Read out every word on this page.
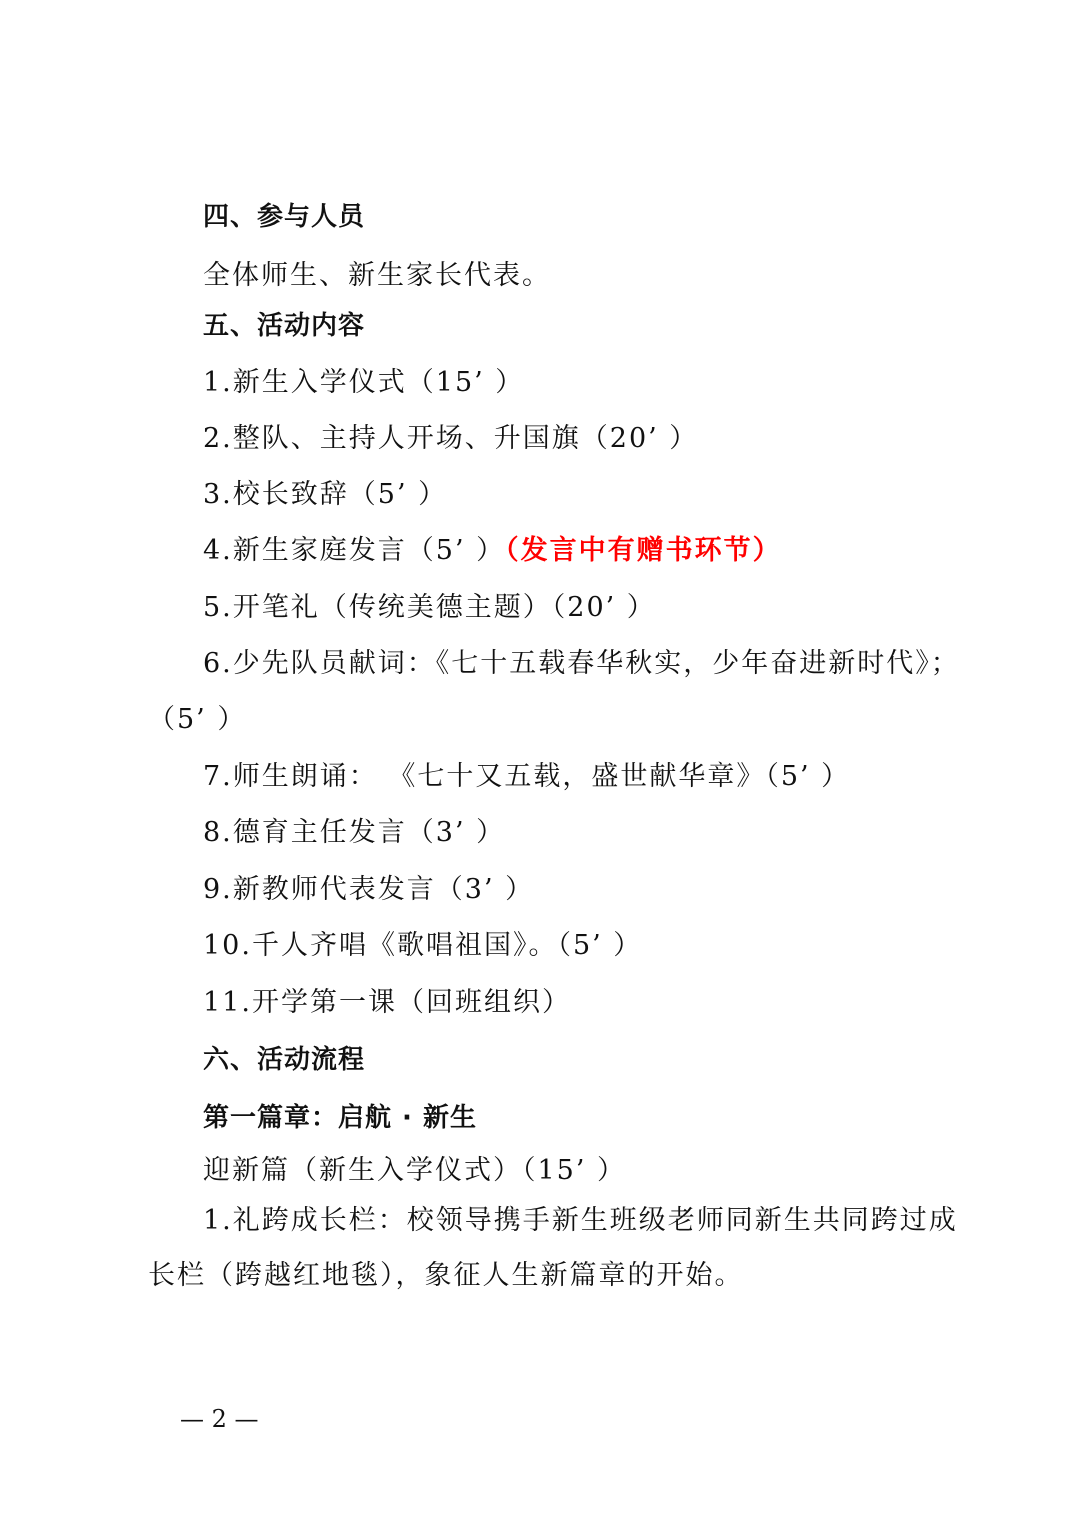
四、参与人员
全体师生、新生家长代表。
五、活动内容
1.新生入学仪式（15’ ）
2.整队、主持人开场、升国旗（20’ ）
3.校长致辞（5’ ）
4.新生家庭发言（5’ ）（发言中有赠书环节）
5.开笔礼（传统美德主题）（20’ ）
6.少先队员献词：《七十五载春华秋实，少年奋进新时代》；
（5’ ）
7.师生朗诵： 《七十又五载，盛世献华章》（5’ ）
8.德育主任发言（3’ ）
9.新教师代表发言（3’ ）
10.千人齐唱《歌唱祖国》。（5’ ）
11.开学第一课（回班组织）
六、活动流程
第一篇章：启航 · 新生
迎新篇（新生入学仪式）（15’ ）
1.礼跨成长栏：校领导携手新生班级老师同新生共同跨过成
长栏（跨越红地毯），象征人生新篇章的开始。
— 2 —
